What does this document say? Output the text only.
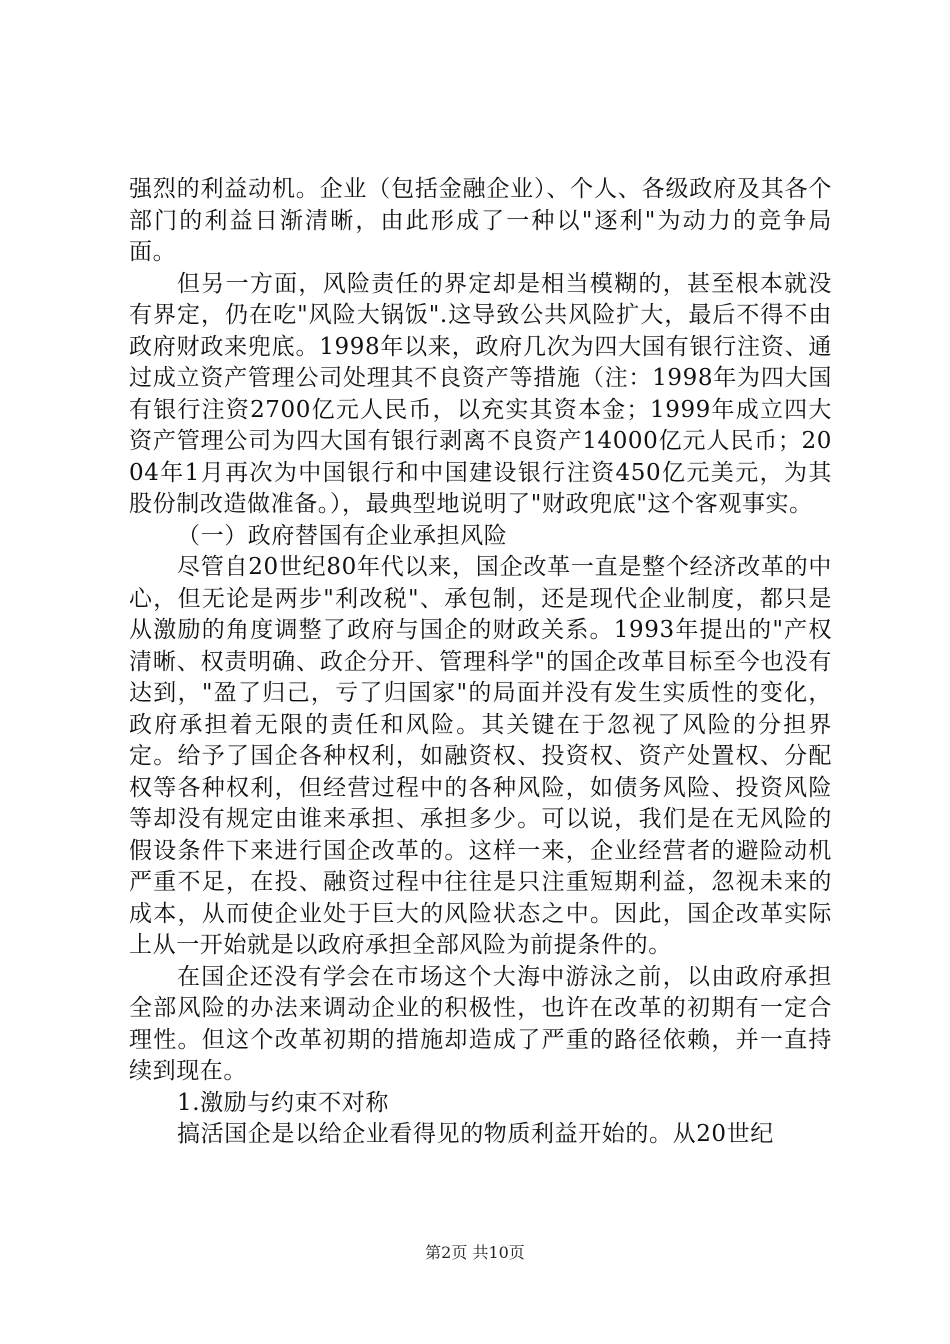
强烈的利益动机。企业（包括金融企业）、个人、各级政府及其各个部门的利益日渐清晰，由此形成了一种以"逐利"为动力的竞争局面。

但另一方面，风险责任的界定却是相当模糊的，甚至根本就没有界定，仍在吃"风险大锅饭".这导致公共风险扩大，最后不得不由政府财政来兜底。1998年以来，政府几次为四大国有银行注资、通过成立资产管理公司处理其不良资产等措施（注：1998年为四大国有银行注资2700亿元人民币，以充实其资本金；1999年成立四大资产管理公司为四大国有银行剥离不良资产14000亿元人民币；2004年1月再次为中国银行和中国建设银行注资450亿元美元，为其股份制改造做准备。），最典型地说明了"财政兜底"这个客观事实。

（一）政府替国有企业承担风险

尽管自20世纪80年代以来，国企改革一直是整个经济改革的中心，但无论是两步"利改税"、承包制，还是现代企业制度，都只是从激励的角度调整了政府与国企的财政关系。1993年提出的"产权清晰、权责明确、政企分开、管理科学"的国企改革目标至今也没有达到，"盈了归己，亏了归国家"的局面并没有发生实质性的变化，政府承担着无限的责任和风险。其关键在于忽视了风险的分担界定。给予了国企各种权利，如融资权、投资权、资产处置权、分配权等各种权利，但经营过程中的各种风险，如债务风险、投资风险等却没有规定由谁来承担、承担多少。可以说，我们是在无风险的假设条件下来进行国企改革的。这样一来，企业经营者的避险动机严重不足，在投、融资过程中往往是只注重短期利益，忽视未来的成本，从而使企业处于巨大的风险状态之中。因此，国企改革实际上从一开始就是以政府承担全部风险为前提条件的。

在国企还没有学会在市场这个大海中游泳之前，以由政府承担全部风险的办法来调动企业的积极性，也许在改革的初期有一定合理性。但这个改革初期的措施却造成了严重的路径依赖，并一直持续到现在。

1.激励与约束不对称

搞活国企是以给企业看得见的物质利益开始的。从20世纪

第2页 共10页
